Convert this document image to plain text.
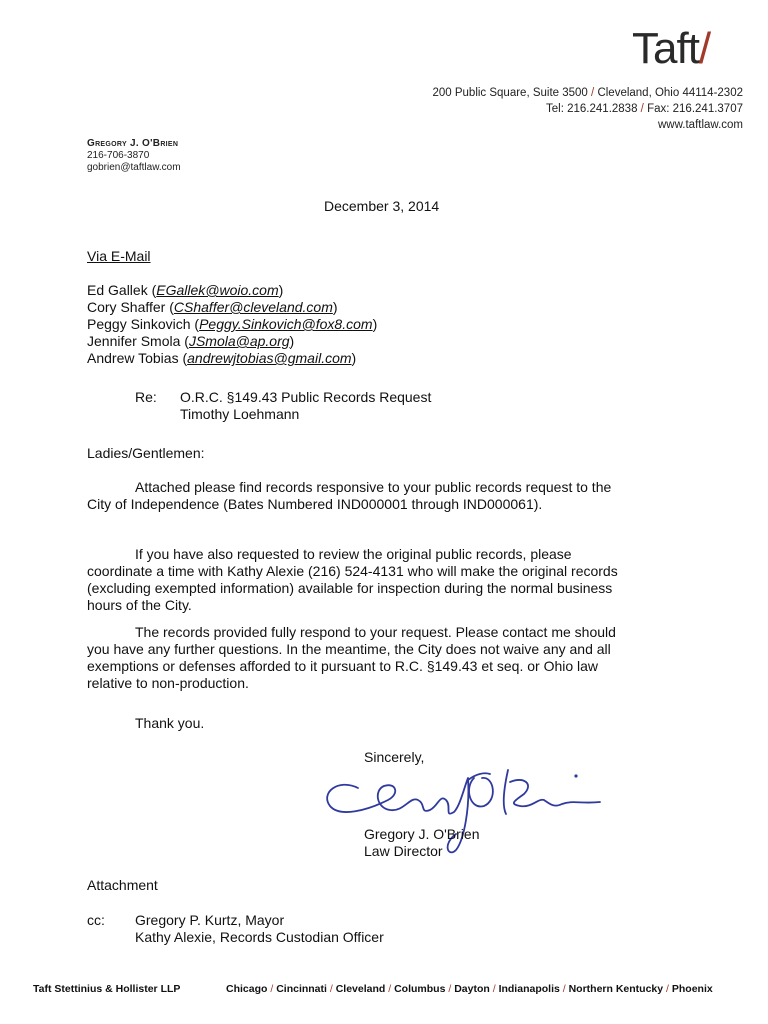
Taft/
200 Public Square, Suite 3500 / Cleveland, Ohio 44114-2302
Tel: 216.241.2838 / Fax: 216.241.3707
www.taftlaw.com
Gregory J. O'Brien
216-706-3870
gobrien@taftlaw.com
December 3, 2014
Via E-Mail
Ed Gallek (EGallek@woio.com)
Cory Shaffer (CShaffer@cleveland.com)
Peggy Sinkovich (Peggy.Sinkovich@fox8.com)
Jennifer Smola (JSmola@ap.org)
Andrew Tobias (andrewjtobias@gmail.com)
Re: O.R.C. §149.43 Public Records Request
Timothy Loehmann
Ladies/Gentlemen:
Attached please find records responsive to your public records request to the
City of Independence (Bates Numbered IND000001 through IND000061).
If you have also requested to review the original public records, please
coordinate a time with Kathy Alexie (216) 524-4131 who will make the original records
(excluding exempted information) available for inspection during the normal business
hours of the City.
The records provided fully respond to your request. Please contact me should
you have any further questions. In the meantime, the City does not waive any and all
exemptions or defenses afforded to it pursuant to R.C. §149.43 et seq. or Ohio law
relative to non-production.
Thank you.
Sincerely,
Gregory J. O'Brien
Law Director
Attachment
cc: Gregory P. Kurtz, Mayor
Kathy Alexie, Records Custodian Officer
Taft Stettinius & Hollister LLP	Chicago / Cincinnati / Cleveland / Columbus / Dayton / Indianapolis / Northern Kentucky / Phoenix
